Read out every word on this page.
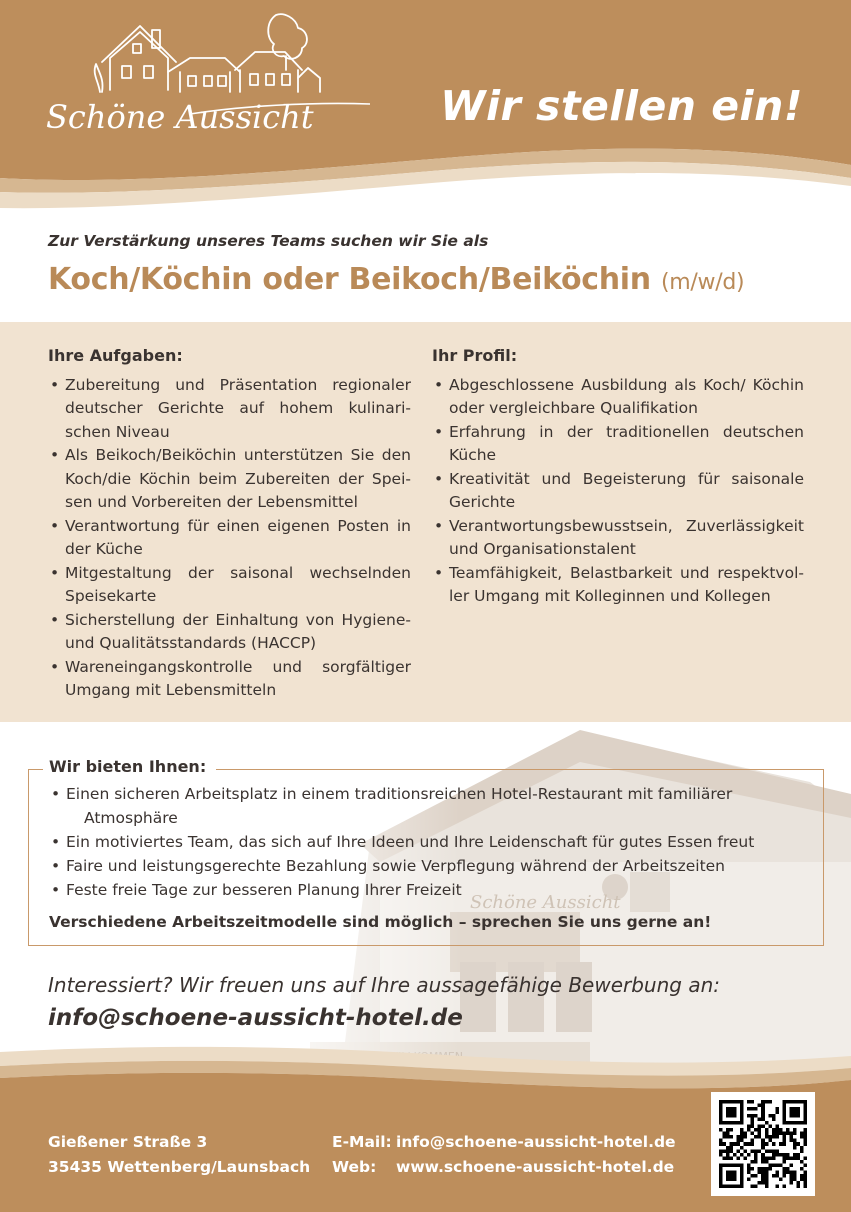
Schöne Aussicht	Wir stellen ein!
Zur Verstärkung unseres Teams suchen wir Sie als
Koch/Köchin oder Beikoch/Beiköchin (m/w/d)
Ihre Aufgaben:
• Zubereitung und Präsentation regionaler deutscher Gerichte auf hohem kulinari- schen Niveau
• Als Beikoch/Beiköchin unterstützen Sie den Koch/die Köchin beim Zubereiten der Spei- sen und Vorbereiten der Lebensmittel
• Verantwortung für einen eigenen Posten in der Küche
• Mitgestaltung der saisonal wechselnden Speisekarte
• Sicherstellung der Einhaltung von Hygiene- und Qualitätsstandards (HACCP)
• Wareneingangskontrolle und sorgfältiger Umgang mit Lebensmitteln
Ihr Profil:
• Abgeschlossene Ausbildung als Koch/ Köchin oder vergleichbare Qualifikation
• Erfahrung in der traditionellen deutschen Küche
• Kreativität und Begeisterung für saisonale Gerichte
• Verantwortungsbewusstsein, Zuverlässigkeit und Organisationstalent
• Teamfähigkeit, Belastbarkeit und respektvol- ler Umgang mit Kolleginnen und Kollegen
Wir bieten Ihnen:
• Einen sicheren Arbeitsplatz in einem traditionsreichen Hotel-Restaurant mit familiärer
Atmosphäre
• Ein motiviertes Team, das sich auf Ihre Ideen und Ihre Leidenschaft für gutes Essen freut
• Faire und leistungsgerechte Bezahlung sowie Verpflegung während der Arbeitszeiten
• Feste freie Tage zur besseren Planung Ihrer Freizeit
Verschiedene Arbeitszeitmodelle sind möglich – sprechen Sie uns gerne an!
Interessiert? Wir freuen uns auf Ihre aussagefähige Bewerbung an:
info@schoene-aussicht-hotel.de
Gießener Straße 3
35435 Wettenberg/Launsbach
E-Mail: info@schoene-aussicht-hotel.de
Web: www.schoene-aussicht-hotel.de
